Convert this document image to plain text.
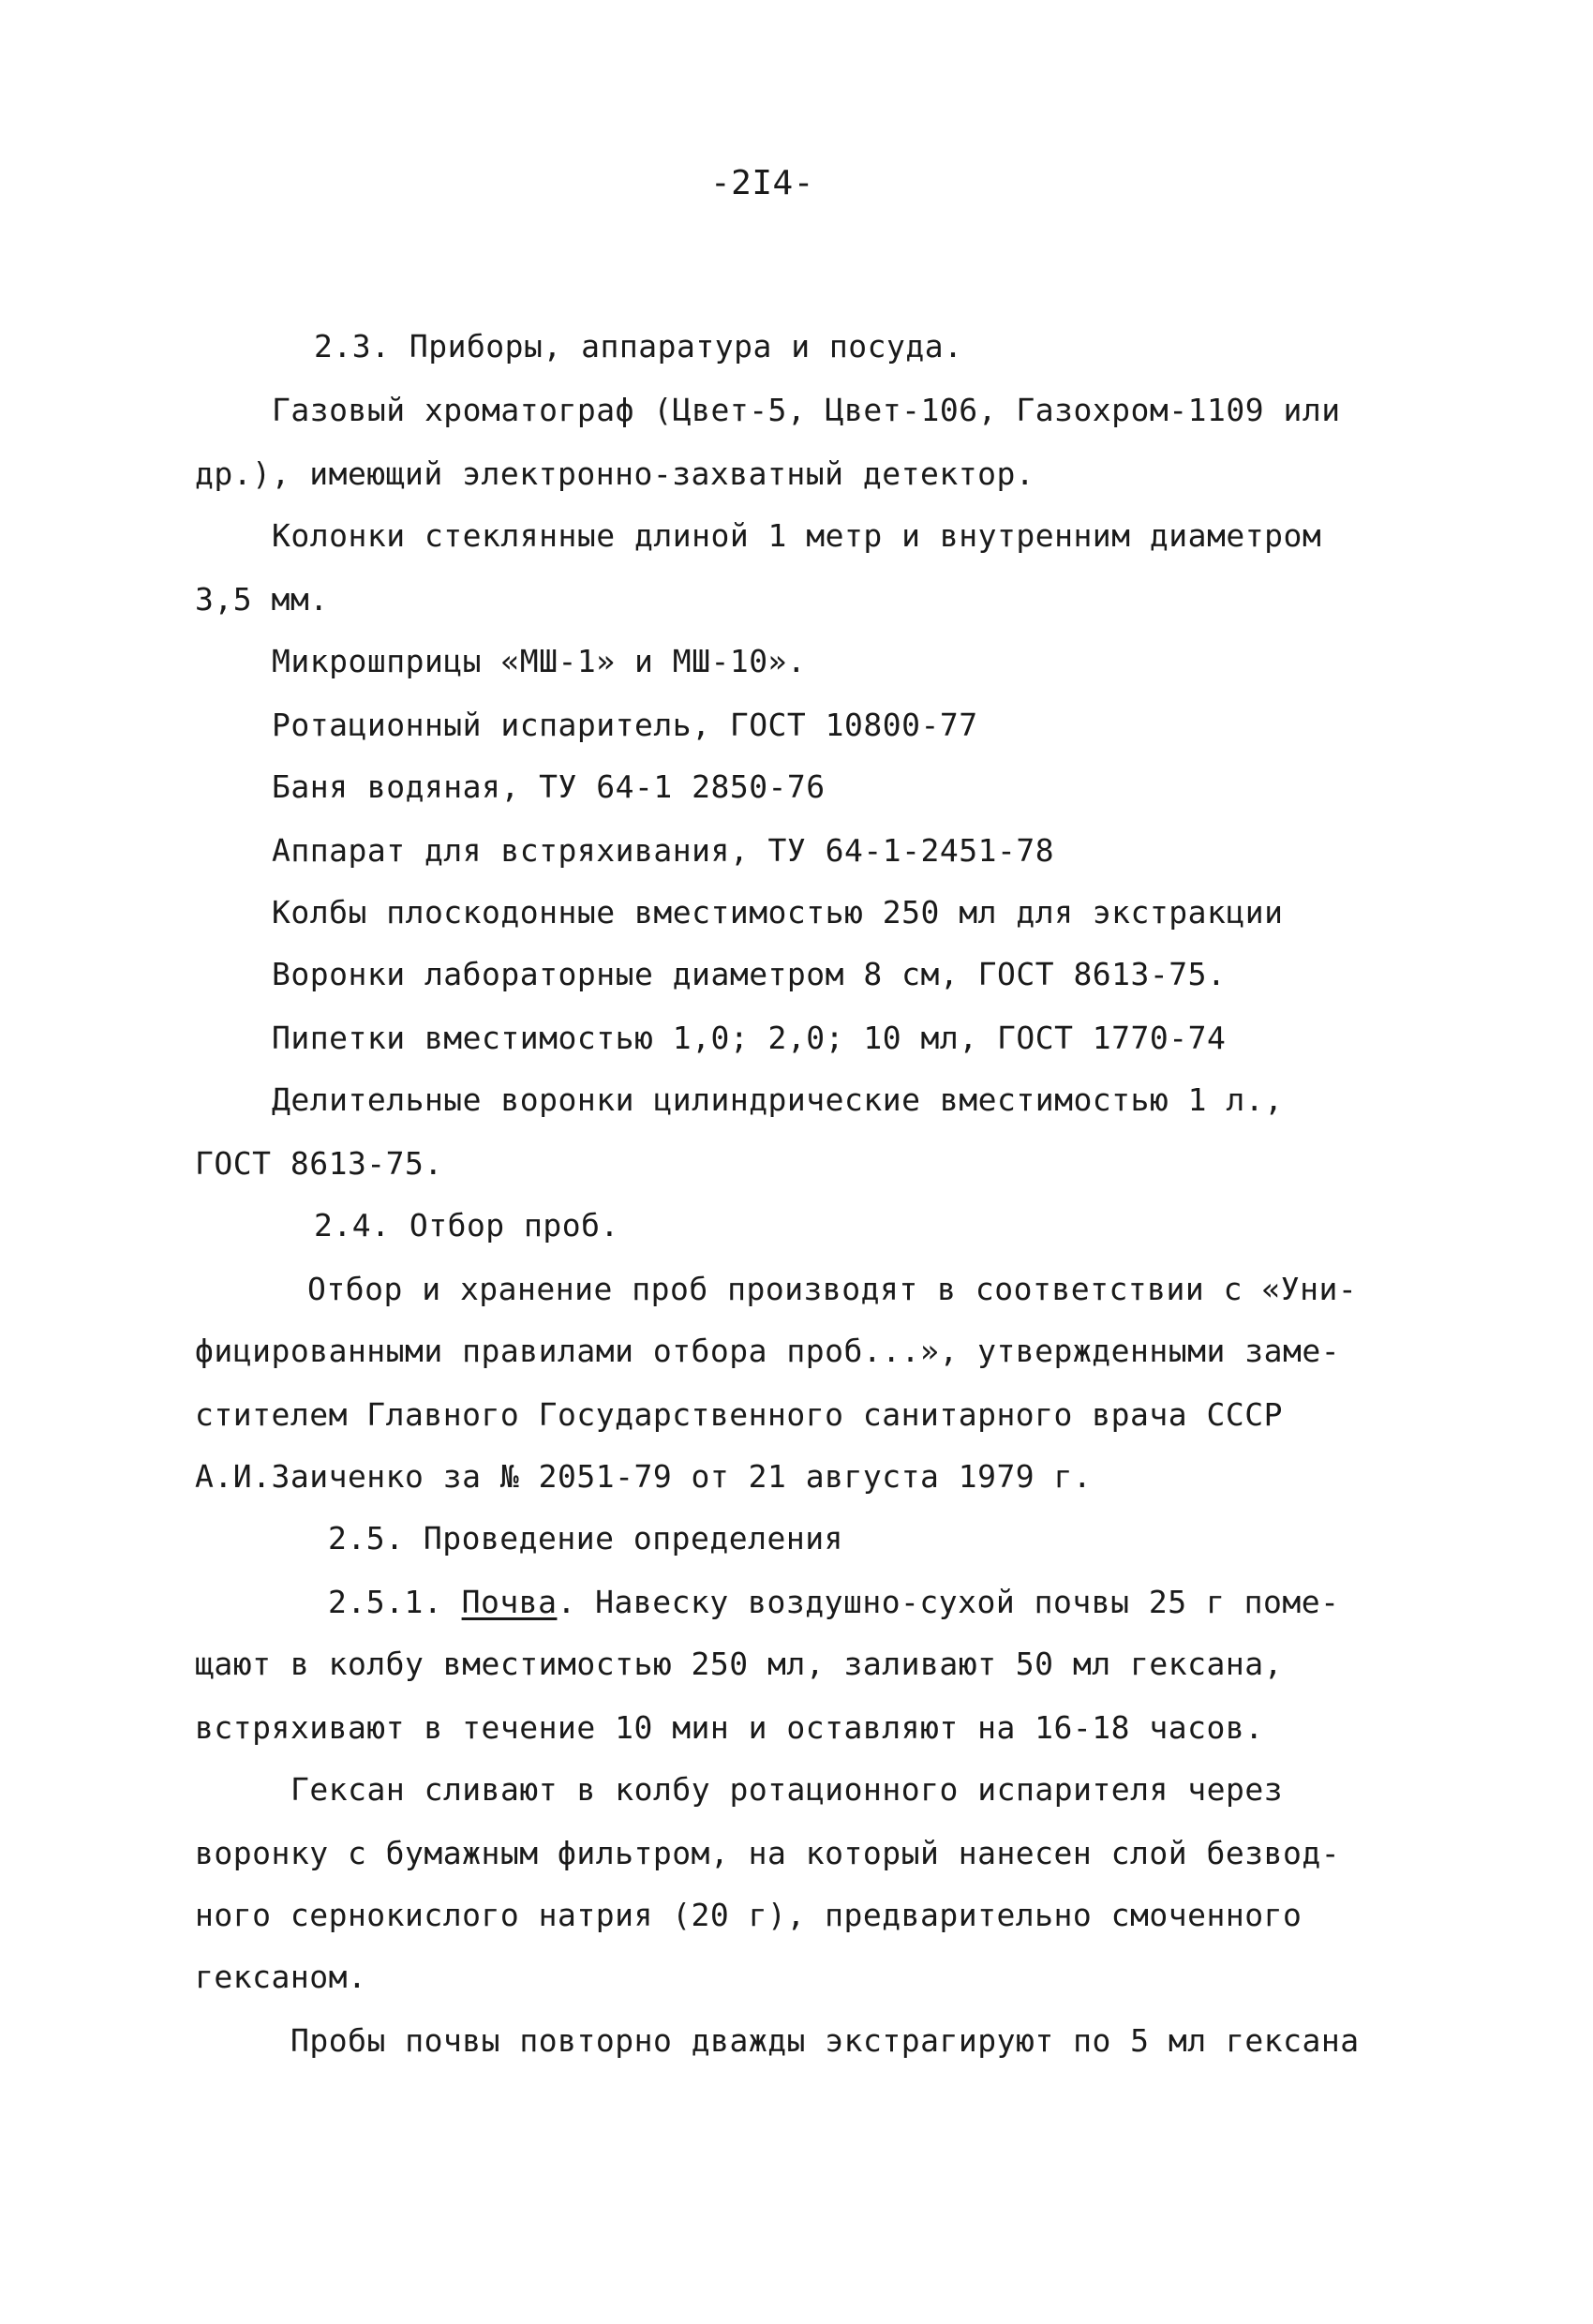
-2I4-
2.3. Приборы, аппаратура и посуда.
Газовый хроматограф (Цвет-5, Цвет-106, Газохром-1109 или
др.), имеющий электронно-захватный детектор.
Колонки стеклянные длиной 1 метр и внутренним диаметром
3,5 мм.
Микрошприцы «МШ-1» и МШ-10».
Ротационный испаритель, ГОСТ 10800-77
Баня водяная, ТУ 64-1 2850-76
Аппарат для встряхивания, ТУ 64-1-2451-78
Колбы плоскодонные вместимостью 250 мл для экстракции
Воронки лабораторные диаметром 8 см, ГОСТ 8613-75.
Пипетки вместимостью 1,0; 2,0; 10 мл, ГОСТ 1770-74
Делительные воронки цилиндрические вместимостью 1 л.,
ГОСТ 8613-75.
2.4. Отбор проб.
Отбор и хранение проб производят в соответствии с «Уни-
фицированными правилами отбора проб...», утвержденными заме-
стителем Главного Государственного санитарного врача СССР
А.И.Заиченко за № 2051-79 от 21 августа 1979 г.
2.5. Проведение определения
2.5.1. Почва. Навеску воздушно-сухой почвы 25 г поме-
щают в колбу вместимостью 250 мл, заливают 50 мл гексана,
встряхивают в течение 10 мин и оставляют на 16-18 часов.
Гексан сливают в колбу ротационного испарителя через
воронку с бумажным фильтром, на который нанесен слой безвод-
ного сернокислого натрия (20 г), предварительно смоченного
гексаном.
Пробы почвы повторно дважды экстрагируют по 5 мл гексана
